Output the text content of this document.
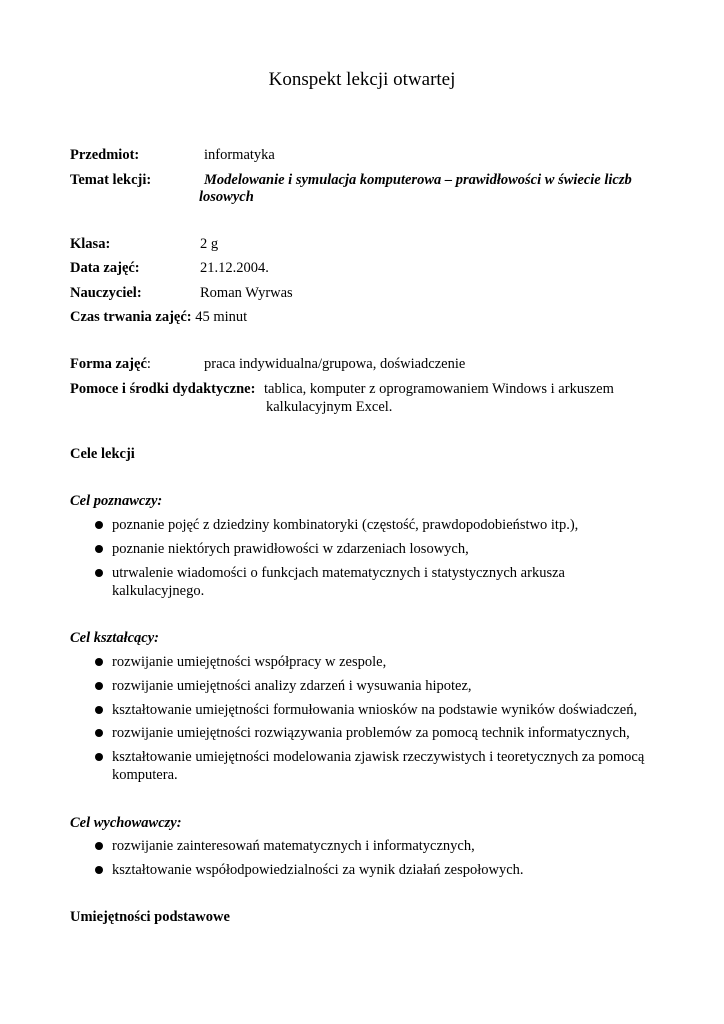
Konspekt lekcji otwartej
Przedmiot:	informatyka
Temat lekcji:	Modelowanie i symulacja komputerowa – prawidłowości w świecie liczb
losowych
Klasa:	2 g
Data zajęć:	21.12.2004.
Nauczyciel:	Roman Wyrwas
Czas trwania zajęć: 45 minut
Forma zajęć:	praca indywidualna/grupowa, doświadczenie
Pomoce i środki dydaktyczne: tablica, komputer z oprogramowaniem Windows i arkuszem
kalkulacyjnym Excel.
Cele lekcji
Cel poznawczy:
poznanie pojęć z dziedziny kombinatoryki (częstość, prawdopodobieństwo itp.),
poznanie niektórych prawidłowości w zdarzeniach losowych,
utrwalenie wiadomości o funkcjach matematycznych i statystycznych arkusza
kalkulacyjnego.
Cel kształcący:
rozwijanie umiejętności współpracy w zespole,
rozwijanie umiejętności analizy zdarzeń i wysuwania hipotez,
kształtowanie umiejętności formułowania wniosków na podstawie wyników doświadczeń,
rozwijanie umiejętności rozwiązywania problemów za pomocą technik informatycznych,
kształtowanie umiejętności modelowania zjawisk rzeczywistych i teoretycznych za pomocą
komputera.
Cel wychowawczy:
rozwijanie zainteresowań matematycznych i informatycznych,
kształtowanie współodpowiedzialności za wynik działań zespołowych.
Umiejętności podstawowe
